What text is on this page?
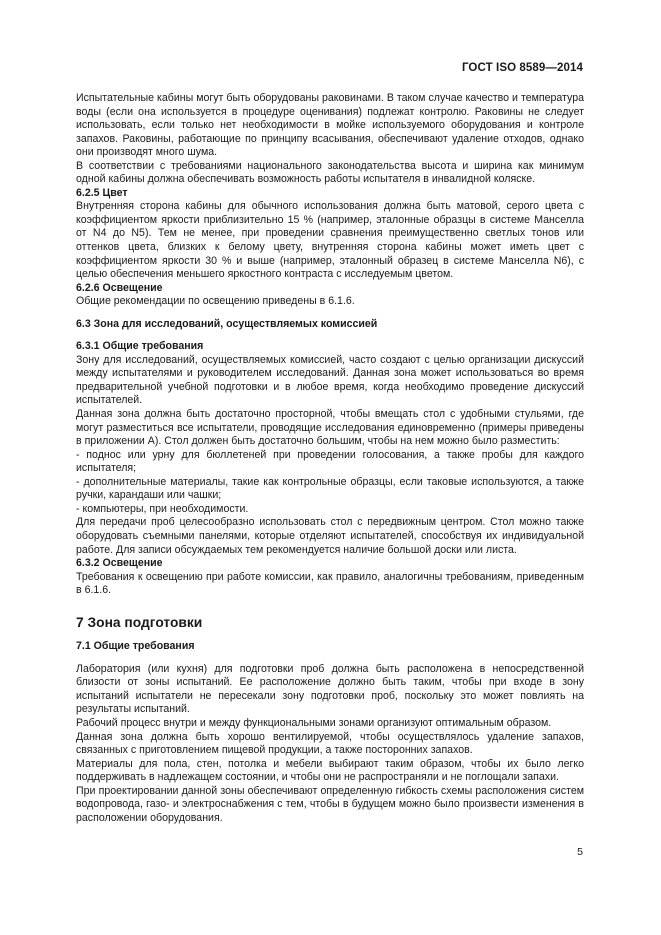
ГОСТ ISO 8589—2014

Испытательные кабины могут быть оборудованы раковинами. В таком случае качество и температура воды (если она используется в процедуре оценивания) подлежат контролю. Раковины не следует использовать, если только нет необходимости в мойке используемого оборудования и контроле запахов. Раковины, работающие по принципу всасывания, обеспечивают удаление отходов, однако они производят много шума.

В соответствии с требованиями национального законодательства высота и ширина как минимум одной кабины должна обеспечивать возможность работы испытателя в инвалидной коляске.

6.2.5 Цвет

Внутренняя сторона кабины для обычного использования должна быть матовой, серого цвета с коэффициентом яркости приблизительно 15 % (например, эталонные образцы в системе Манселла от N4 до N5). Тем не менее, при проведении сравнения преимущественно светлых тонов или оттенков цвета, близких к белому цвету, внутренняя сторона кабины может иметь цвет с коэффициентом яркости 30 % и выше (например, эталонный образец в системе Манселла N6), с целью обеспечения меньшего яркостного контраста с исследуемым цветом.

6.2.6 Освещение

Общие рекомендации по освещению приведены в 6.1.6.

6.3 Зона для исследований, осуществляемых комиссией

6.3.1 Общие требования

Зону для исследований, осуществляемых комиссией, часто создают с целью организации дискуссий между испытателями и руководителем исследований. Данная зона может использоваться во время предварительной учебной подготовки и в любое время, когда необходимо проведение дискуссий испытателей.

Данная зона должна быть достаточно просторной, чтобы вмещать стол с удобными стульями, где могут разместиться все испытатели, проводящие исследования единовременно (примеры приведены в приложении А). Стол должен быть достаточно большим, чтобы на нем можно было разместить:

- поднос или урну для бюллетеней при проведении голосования, а также пробы для каждого испытателя;

- дополнительные материалы, такие как контрольные образцы, если таковые используются, а также ручки, карандаши или чашки;

- компьютеры, при необходимости.

Для передачи проб целесообразно использовать стол с передвижным центром. Стол можно также оборудовать съемными панелями, которые отделяют испытателей, способствуя их индивидуальной работе. Для записи обсуждаемых тем рекомендуется наличие большой доски или листа.

6.3.2 Освещение

Требования к освещению при работе комиссии, как правило, аналогичны требованиям, приведенным в 6.1.6.

7 Зона подготовки

7.1 Общие требования

Лаборатория (или кухня) для подготовки проб должна быть расположена в непосредственной близости от зоны испытаний. Ее расположение должно быть таким, чтобы при входе в зону испытаний испытатели не пересекали зону подготовки проб, поскольку это может повлиять на результаты испытаний.

Рабочий процесс внутри и между функциональными зонами организуют оптимальным образом.

Данная зона должна быть хорошо вентилируемой, чтобы осуществлялось удаление запахов, связанных с приготовлением пищевой продукции, а также посторонних запахов.

Материалы для пола, стен, потолка и мебели выбирают таким образом, чтобы их было легко поддерживать в надлежащем состоянии, и чтобы они не распространяли и не поглощали запахи.

При проектировании данной зоны обеспечивают определенную гибкость схемы расположения систем водопровода, газо- и электроснабжения с тем, чтобы в будущем можно было произвести изменения в расположении оборудования.

5
